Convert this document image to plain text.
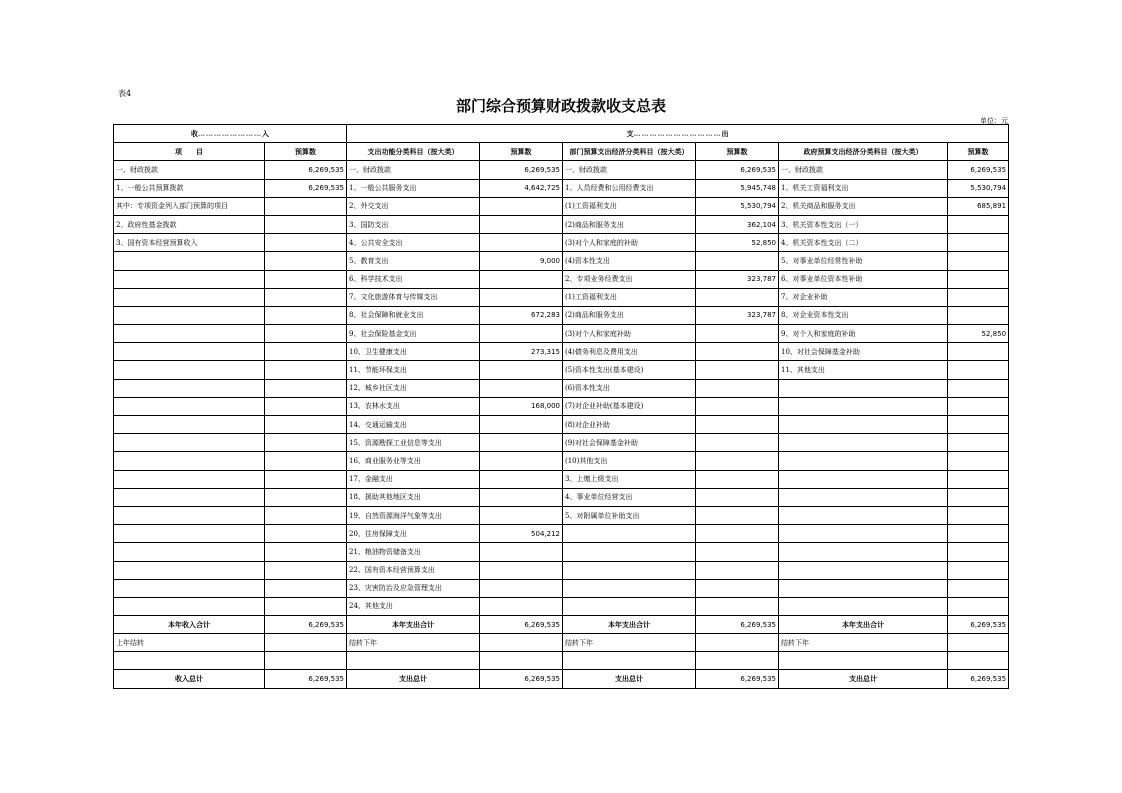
表4
部门综合预算财政拨款收支总表
单位：元
收……………………入		支……………………………出					
项　　目	预算数	支出功能分类科目（按大类）	预算数	部门预算支出经济分类科目（按大类）	预算数	政府预算支出经济分类科目（按大类）	预算数
一、财政拨款	6,269,535	一、财政拨款	6,269,535	一、财政拨款	6,269,535	一、财政拨款	6,269,535
1、一般公共预算拨款	6,269,535	1、一般公共服务支出	4,642,725	1、人员经费和公用经费支出	5,945,748	1、机关工资福利支出	5,530,794
其中：专项资金列入部门预算的项目		2、外交支出		(1)工资福利支出	5,530,794	2、机关商品和服务支出	685,891
2、政府性基金拨款		3、国防支出		(2)商品和服务支出	362,104	3、机关资本性支出（一）	
3、国有资本经营预算收入		4、公共安全支出		(3)对个人和家庭的补助	52,850	4、机关资本性支出（二）	
		5、教育支出	9,000	(4)资本性支出		5、对事业单位经常性补助	
		6、科学技术支出		2、专项业务经费支出	323,787	6、对事业单位资本性补助	
		7、文化旅游体育与传媒支出		(1)工资福利支出		7、对企业补助	
		8、社会保障和就业支出	672,283	(2)商品和服务支出	323,787	8、对企业资本性支出	
		9、社会保险基金支出		(3)对个人和家庭补助		9、对个人和家庭的补助	52,850
		10、卫生健康支出	273,315	(4)债务利息及费用支出		10、对社会保障基金补助	
		11、节能环保支出		(5)资本性支出(基本建设)		11、其他支出	
		12、城乡社区支出		(6)资本性支出			
		13、农林水支出	168,000	(7)对企业补助(基本建设)			
		14、交通运输支出		(8)对企业补助			
		15、资源勘探工业信息等支出		(9)对社会保障基金补助			
		16、商业服务业等支出		(10)其他支出			
		17、金融支出		3、上缴上级支出			
		18、援助其他地区支出		4、事业单位经营支出			
		19、自然资源海洋气象等支出		5、对附属单位补助支出			
		20、住房保障支出	504,212				
		21、粮油物资储备支出					
		22、国有资本经营预算支出					
		23、灾害防治及应急管理支出					
		24、其他支出					
本年收入合计	6,269,535	本年支出合计	6,269,535	本年支出合计	6,269,535	本年支出合计	6,269,535
上年结转		结转下年		结转下年		结转下年	

收入总计	6,269,535	支出总计	6,269,535	支出总计	6,269,535	支出总计	6,269,535
